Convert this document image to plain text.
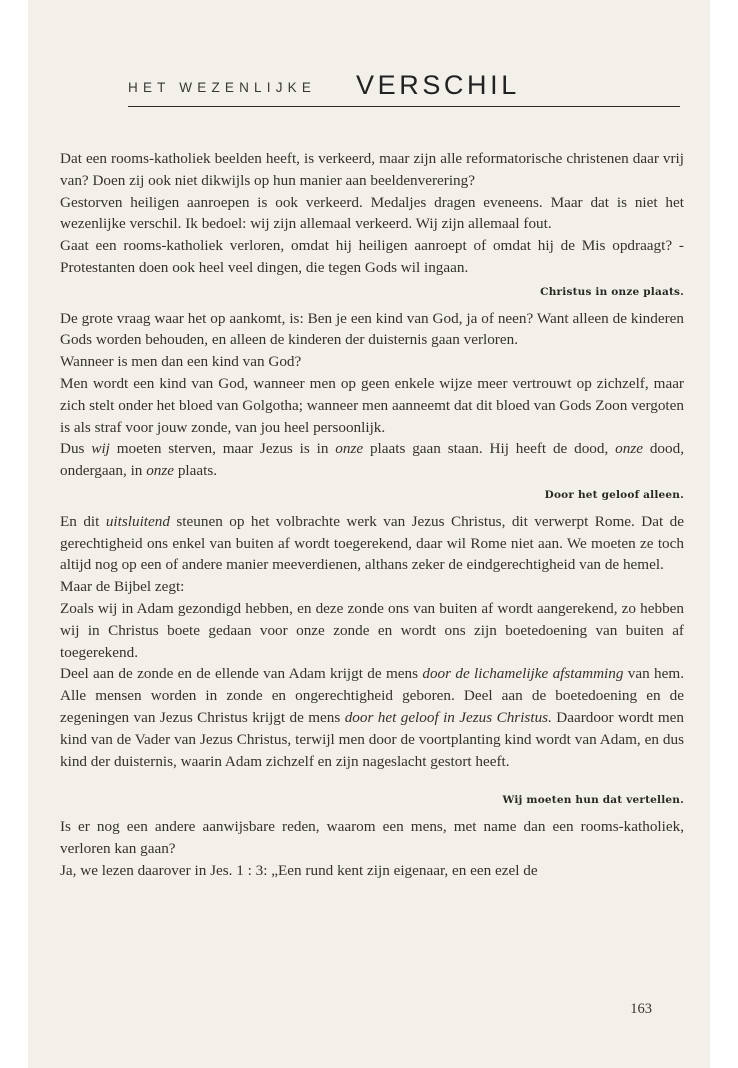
HET WEZENLIJKE VERSCHIL

Dat een rooms-katholiek beelden heeft, is verkeerd, maar zijn alle reformatorische christenen daar vrij van? Doen zij ook niet dikwijls op hun manier aan beeldenverering?

Gestorven heiligen aanroepen is ook verkeerd. Medaljes dragen eveneens. Maar dat is niet het wezenlijke verschil. Ik bedoel: wij zijn allemaal verkeerd. Wij zijn allemaal fout.

Gaat een rooms-katholiek verloren, omdat hij heiligen aanroept of omdat hij de Mis opdraagt? - Protestanten doen ook heel veel dingen, die tegen Gods wil ingaan.

Christus in onze plaats.

De grote vraag waar het op aankomt, is: Ben je een kind van God, ja of neen? Want alleen de kinderen Gods worden behouden, en alleen de kinderen der duisternis gaan verloren.

Wanneer is men dan een kind van God?

Men wordt een kind van God, wanneer men op geen enkele wijze meer vertrouwt op zichzelf, maar zich stelt onder het bloed van Golgotha; wanneer men aanneemt dat dit bloed van Gods Zoon vergoten is als straf voor jouw zonde, van jou heel persoonlijk.

Dus wij moeten sterven, maar Jezus is in onze plaats gaan staan. Hij heeft de dood, onze dood, ondergaan, in onze plaats.

Door het geloof alleen.

En dit uitsluitend steunen op het volbrachte werk van Jezus Christus, dit verwerpt Rome. Dat de gerechtigheid ons enkel van buiten af wordt toegerekend, daar wil Rome niet aan. We moeten ze toch altijd nog op een of andere manier meeverdienen, althans zeker de eindgerechtigheid van de hemel.

Maar de Bijbel zegt:

Zoals wij in Adam gezondigd hebben, en deze zonde ons van buiten af wordt aangerekend, zo hebben wij in Christus boete gedaan voor onze zonde en wordt ons zijn boetedoening van buiten af toegerekend.

Deel aan de zonde en de ellende van Adam krijgt de mens door de lichamelijke afstamming van hem. Alle mensen worden in zonde en ongerechtigheid geboren. Deel aan de boetedoening en de zegeningen van Jezus Christus krijgt de mens door het geloof in Jezus Christus. Daardoor wordt men kind van de Vader van Jezus Christus, terwijl men door de voortplanting kind wordt van Adam, en dus kind der duisternis, waarin Adam zichzelf en zijn nageslacht gestort heeft.

Wij moeten hun dat vertellen.

Is er nog een andere aanwijsbare reden, waarom een mens, met name dan een rooms-katholiek, verloren kan gaan?

Ja, we lezen daarover in Jes. 1 : 3: „Een rund kent zijn eigenaar, en een ezel de

163
